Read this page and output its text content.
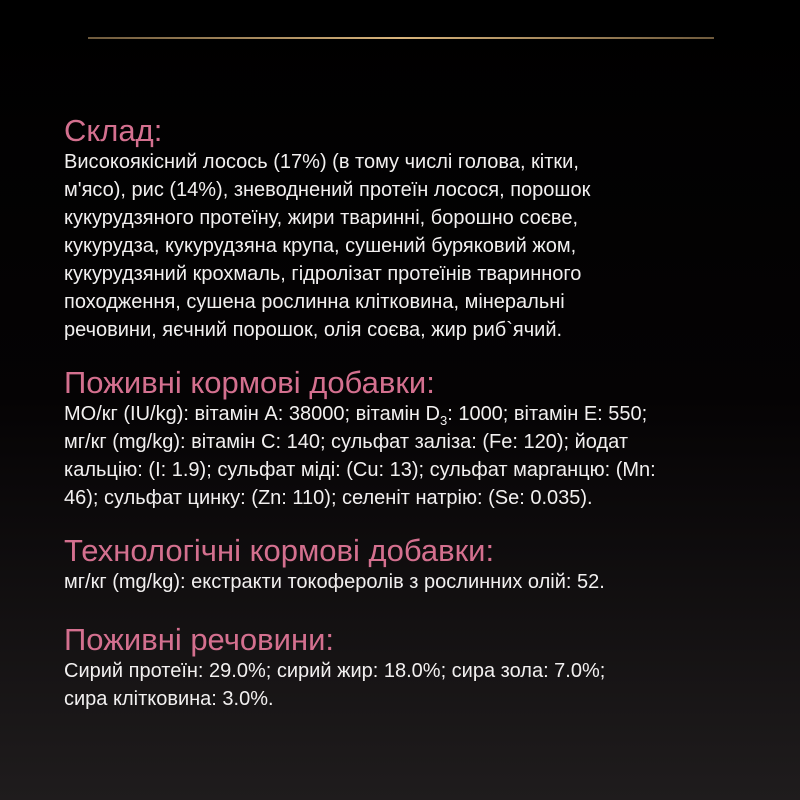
Склад:

Високоякісний лосось (17%) (в тому числі голова, кітки,
м'ясо), рис (14%), зневоднений протеїн лосося, порошок
кукурудзяного протеїну, жири тваринні, борошно соєве,
кукурудза, кукурудзяна крупа, сушений буряковий жом,
кукурудзяний крохмаль, гідролізат протеїнів тваринного
походження, сушена рослинна клітковина, мінеральні
речовини, яєчний порошок, олія соєва, жир риб`ячий.

Поживні кормові добавки:

МО/кг (IU/kg): вітамін А: 38000; вітамін $D_3$: 1000; вітамін Е: 550;
мг/кг (mg/kg): вітамін С: 140; сульфат заліза: (Fe: 120); йодат
кальцію: (I: 1.9); сульфат міді: (Cu: 13); сульфат марганцю: (Mn:
46); сульфат цинку: (Zn: 110); селеніт натрію: (Se: 0.035).

Технологічні кормові добавки:

мг/кг (mg/kg): екстракти токоферолів з рослинних олій: 52.

Поживні речовини:

Сирий протеїн: 29.0%; сирий жир: 18.0%; сира зола: 7.0%;
сира клітковина: 3.0%.
